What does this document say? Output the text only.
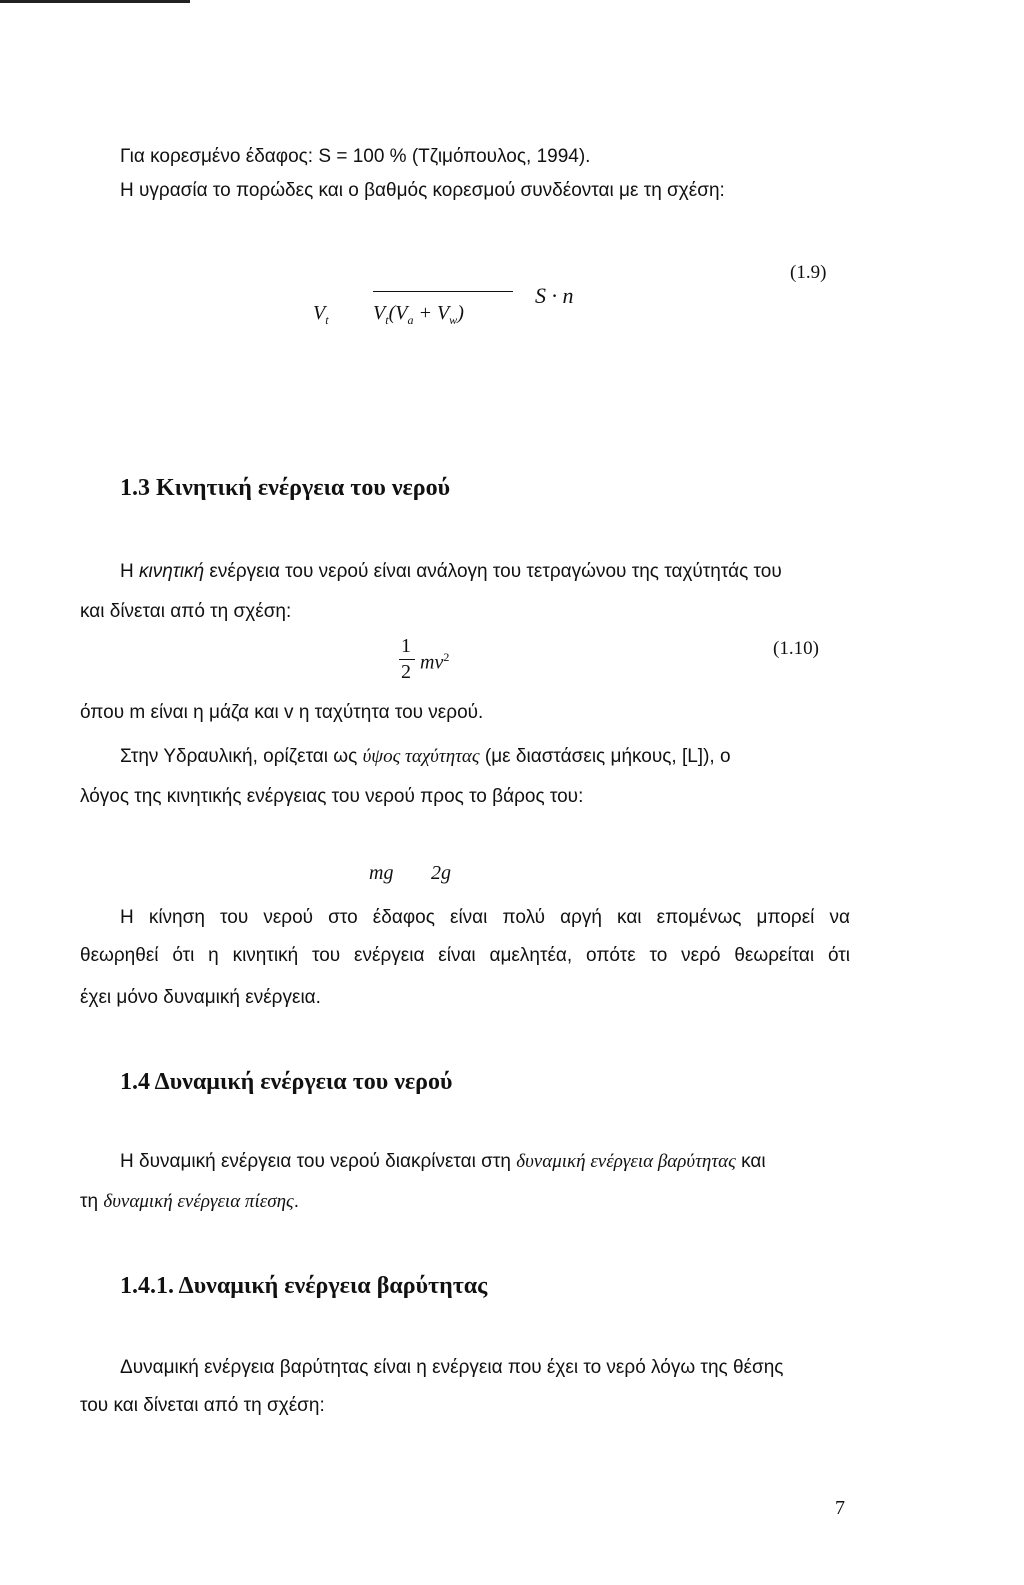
Για κορεσμένο έδαφος: S = 100 % (Τζιμόπουλος, 1994).
Η υγρασία το πορώδες και ο βαθμός κορεσμού συνδέονται με τη σχέση:
$V_t$ $V_t(V_a + V_w)$
S · n
(1.9)
1.3 Κινητική ενέργεια του νερού
Η κινητική ενέργεια του νερού είναι ανάλογη του τετραγώνου της ταχύτητάς του
και δίνεται από τη σχέση:
1
2 $mv^2$	(1.10)
όπου m είναι η μάζα και v η ταχύτητα του νερού.
Στην Υδραυλική, ορίζεται ως ύψος ταχύτητας (με διαστάσεις μήκους, [L]), ο
λόγος της κινητικής ενέργειας του νερού προς το βάρος του:
mg 2g
Η κίνηση του νερού στο έδαφος είναι πολύ αργή και επομένως μπορεί να
θεωρηθεί ότι η κινητική του ενέργεια είναι αμελητέα, οπότε το νερό θεωρείται ότι
έχει μόνο δυναμική ενέργεια.
1.4 Δυναμική ενέργεια του νερού
Η δυναμική ενέργεια του νερού διακρίνεται στη δυναμική ενέργεια βαρύτητας και
τη δυναμική ενέργεια πίεσης.
1.4.1. Δυναμική ενέργεια βαρύτητας
Δυναμική ενέργεια βαρύτητας είναι η ενέργεια που έχει το νερό λόγω της θέσης
του και δίνεται από τη σχέση:
7
